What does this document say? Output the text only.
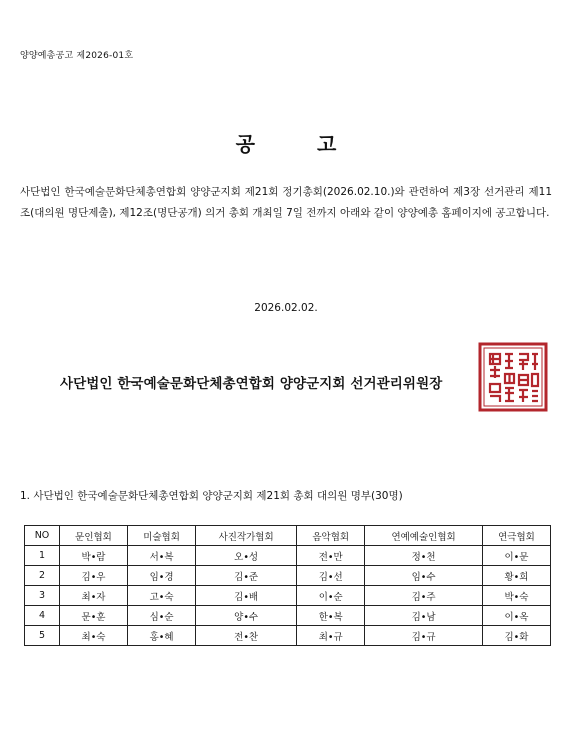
양양예총공고 제2026-01호
공	고
사단법인 한국예술문화단체총연합회 양양군지회 제21회 정기총회(2026.02.10.)와 관련하여 제3장 선거관리 제11조(대의원 명단제출), 제12조(명단공개) 의거 총회 개최일 7일 전까지 아래와 같이 양양예총 홈페이지에 공고합니다.
2026.02.02.
사단법인 한국예술문화단체총연합회 양양군지회 선거관리위원장
1. 사단법인 한국예술문화단체총연합회 양양군지회 제21회 총회 대의원 명부(30명)
NO	문인협회	미술협회	사진작가협회	음악협회	연예예술인협회	연극협회
1	박•람	서•복	오•성	전•만	정•천	이•문
2	김•우	임•경	김•준	김•선	임•수	황•희
3	최•자	고•숙	김•배	이•순	김•주	박•숙
4	문•훈	심•순	양•수	한•복	김•남	이•옥
5	최•숙	홍•혜	전•찬	최•규	김•규	김•화
